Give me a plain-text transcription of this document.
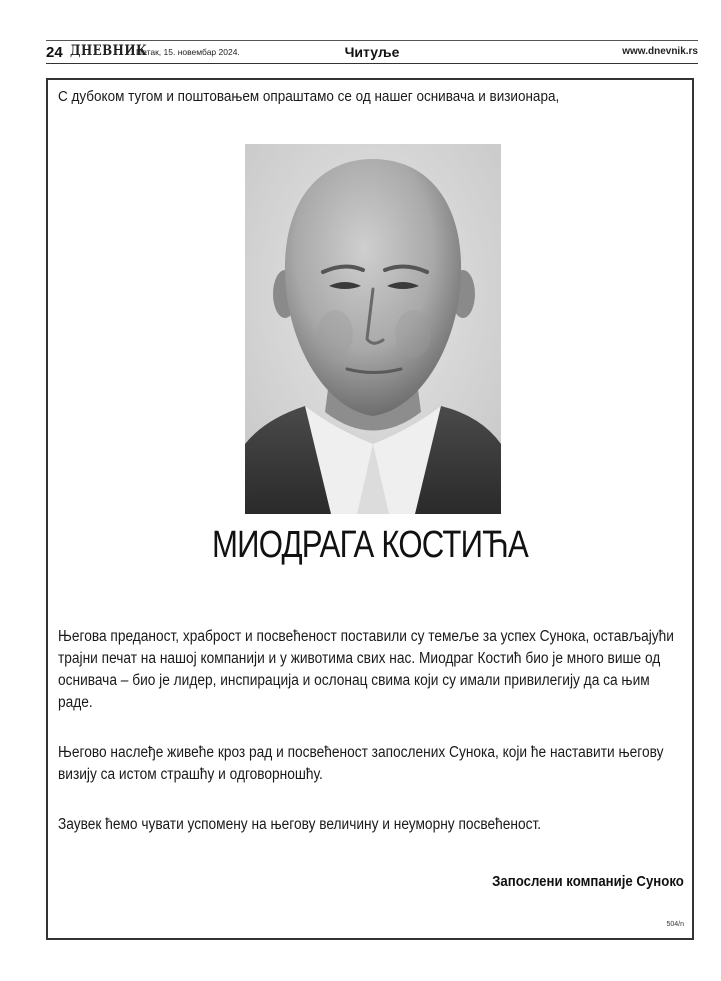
24 ДНЕВНИК
Петак, 15. новембар 2024.	Читуље	www.dnevnik.rs
С дубоком тугом и поштовањем опраштамо се од нашег оснивача и визионара,
МИОДРАГА КОСТИЋА

Његова преданост, храброст и посвећеност поставили су темеље за успех Сунока, остављајући трајни печат на нашој компанији и у животима свих нас. Миодраг Костић био је много више од оснивача – био је лидер, инспирација и ослонац свима који су имали привилегију да са њим раде.

Његово наслеђе живеће кроз рад и посвећеност запослених Сунока, који ће наставити његову визију са истом страшћу и одговорношћу.

Заувек ћемо чувати успомену на његову величину и неуморну посвећеност.

Запослени компаније Суноко
504/n
